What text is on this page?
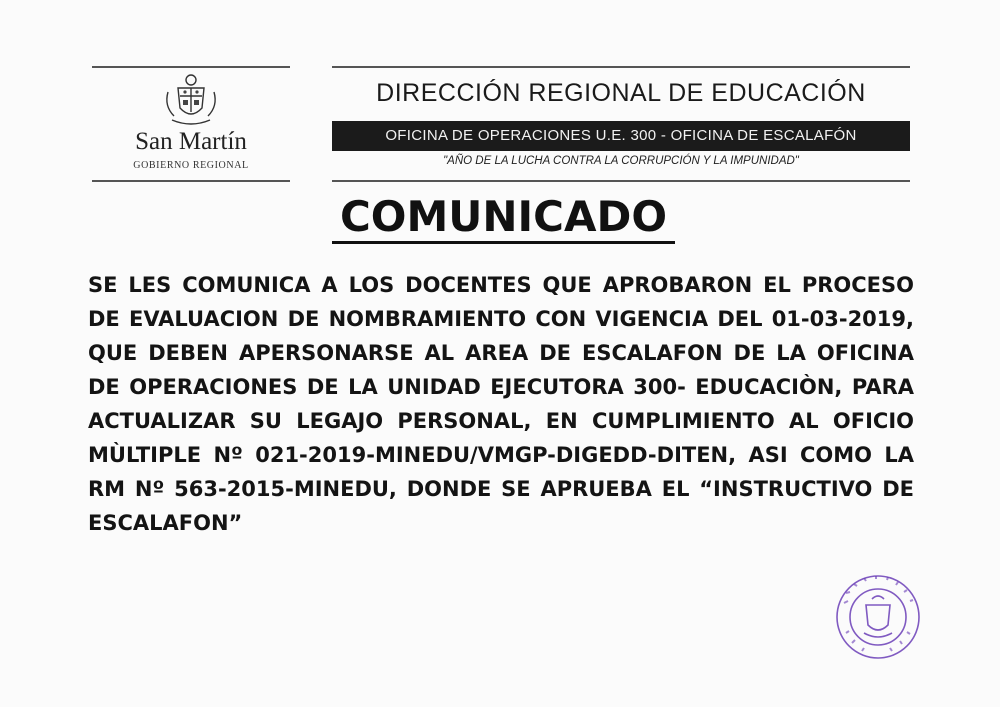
San Martín
GOBIERNO REGIONAL
DIRECCIÓN REGIONAL DE EDUCACIÓN
OFICINA DE OPERACIONES U.E. 300 - OFICINA DE ESCALAFÓN
"AÑO DE LA LUCHA CONTRA LA CORRUPCIÓN Y LA IMPUNIDAD"
COMUNICADO
SE LES COMUNICA A LOS DOCENTES QUE APROBARON EL PROCESO DE EVALUACION DE NOMBRAMIENTO CON VIGENCIA DEL 01-03-2019, QUE DEBEN APERSONARSE AL AREA DE ESCALAFON DE LA OFICINA DE OPERACIONES DE LA UNIDAD EJECUTORA 300- EDUCACIÒN, PARA ACTUALIZAR SU LEGAJO PERSONAL, EN CUMPLIMIENTO AL OFICIO MÙLTIPLE Nº 021-2019-MINEDU/VMGP-DIGEDD-DITEN, ASI COMO LA RM Nº 563-2015-MINEDU, DONDE SE APRUEBA EL “INSTRUCTIVO DE ESCALAFON”
